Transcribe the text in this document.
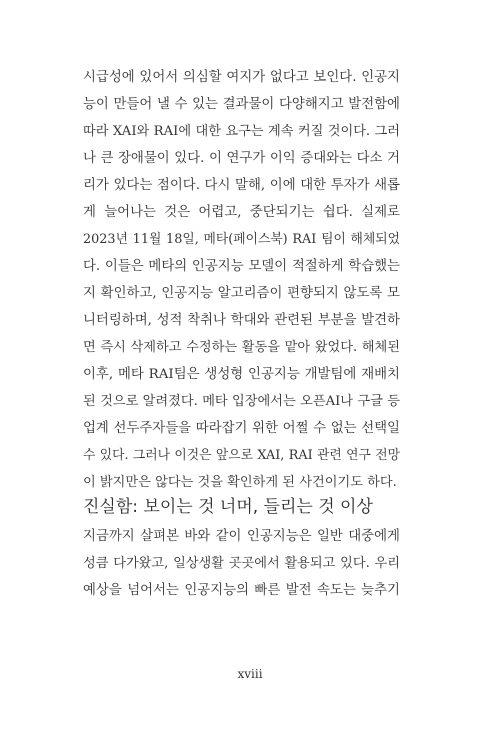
시급성에 있어서 의심할 여지가 없다고 보인다. 인공지
능이 만들어 낼 수 있는 결과물이 다양해지고 발전함에
따라 XAI와 RAI에 대한 요구는 계속 커질 것이다. 그러
나 큰 장애물이 있다. 이 연구가 이익 증대와는 다소 거
리가 있다는 점이다. 다시 말해, 이에 대한 투자가 새롭
게 늘어나는 것은 어렵고, 중단되기는 쉽다. 실제로
2023년 11월 18일, 메타(페이스북) RAI 팀이 해체되었
다. 이들은 메타의 인공지능 모델이 적절하게 학습했는
지 확인하고, 인공지능 알고리즘이 편향되지 않도록 모
니터링하며, 성적 착취나 학대와 관련된 부분을 발견하
면 즉시 삭제하고 수정하는 활동을 맡아 왔었다. 해체된
이후, 메타 RAI팀은 생성형 인공지능 개발팀에 재배치
된 것으로 알려졌다. 메타 입장에서는 오픈AI나 구글 등
업계 선두주자들을 따라잡기 위한 어쩔 수 없는 선택일
수 있다. 그러나 이것은 앞으로 XAI, RAI 관련 연구 전망
이 밝지만은 않다는 것을 확인하게 된 사건이기도 하다.
진실함: 보이는 것 너머, 들리는 것 이상
지금까지 살펴본 바와 같이 인공지능은 일반 대중에게
성큼 다가왔고, 일상생활 곳곳에서 활용되고 있다. 우리
예상을 넘어서는 인공지능의 빠른 발전 속도는 늦추기
xviii
